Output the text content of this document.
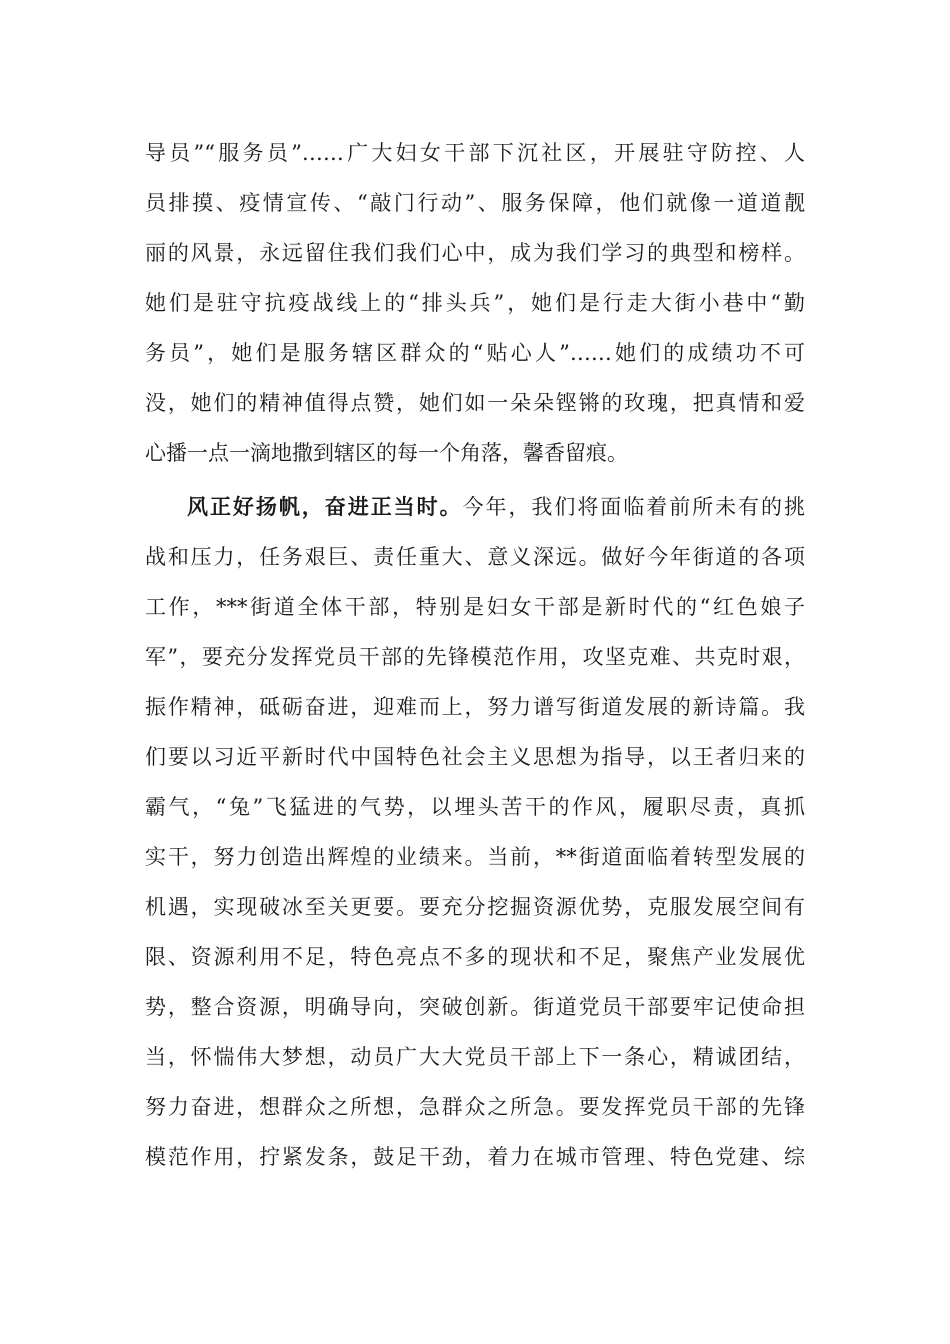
导员”“服务员”……广大妇女干部下沉社区，开展驻守防控、人
员排摸、疫情宣传、“敲门行动”、服务保障，他们就像一道道靓
丽的风景，永远留住我们我们心中，成为我们学习的典型和榜样。
她们是驻守抗疫战线上的“排头兵”，她们是行走大街小巷中“勤
务员”，她们是服务辖区群众的“贴心人”……她们的成绩功不可
没，她们的精神值得点赞，她们如一朵朵铿锵的玫瑰，把真情和爱
心播一点一滴地撒到辖区的每一个角落，馨香留痕。
风正好扬帆，奋进正当时。今年，我们将面临着前所未有的挑
战和压力，任务艰巨、责任重大、意义深远。做好今年街道的各项
工作，***街道全体干部，特别是妇女干部是新时代的“红色娘子
军”，要充分发挥党员干部的先锋模范作用，攻坚克难、共克时艰，
振作精神，砥砺奋进，迎难而上，努力谱写街道发展的新诗篇。我
们要以习近平新时代中国特色社会主义思想为指导，以王者归来的
霸气，“兔”飞猛进的气势，以埋头苦干的作风，履职尽责，真抓
实干，努力创造出辉煌的业绩来。当前，**街道面临着转型发展的
机遇，实现破冰至关更要。要充分挖掘资源优势，克服发展空间有
限、资源利用不足，特色亮点不多的现状和不足，聚焦产业发展优
势，整合资源，明确导向，突破创新。街道党员干部要牢记使命担
当，怀惴伟大梦想，动员广大大党员干部上下一条心，精诚团结，
努力奋进，想群众之所想，急群众之所急。要发挥党员干部的先锋
模范作用，拧紧发条，鼓足干劲，着力在城市管理、特色党建、综
